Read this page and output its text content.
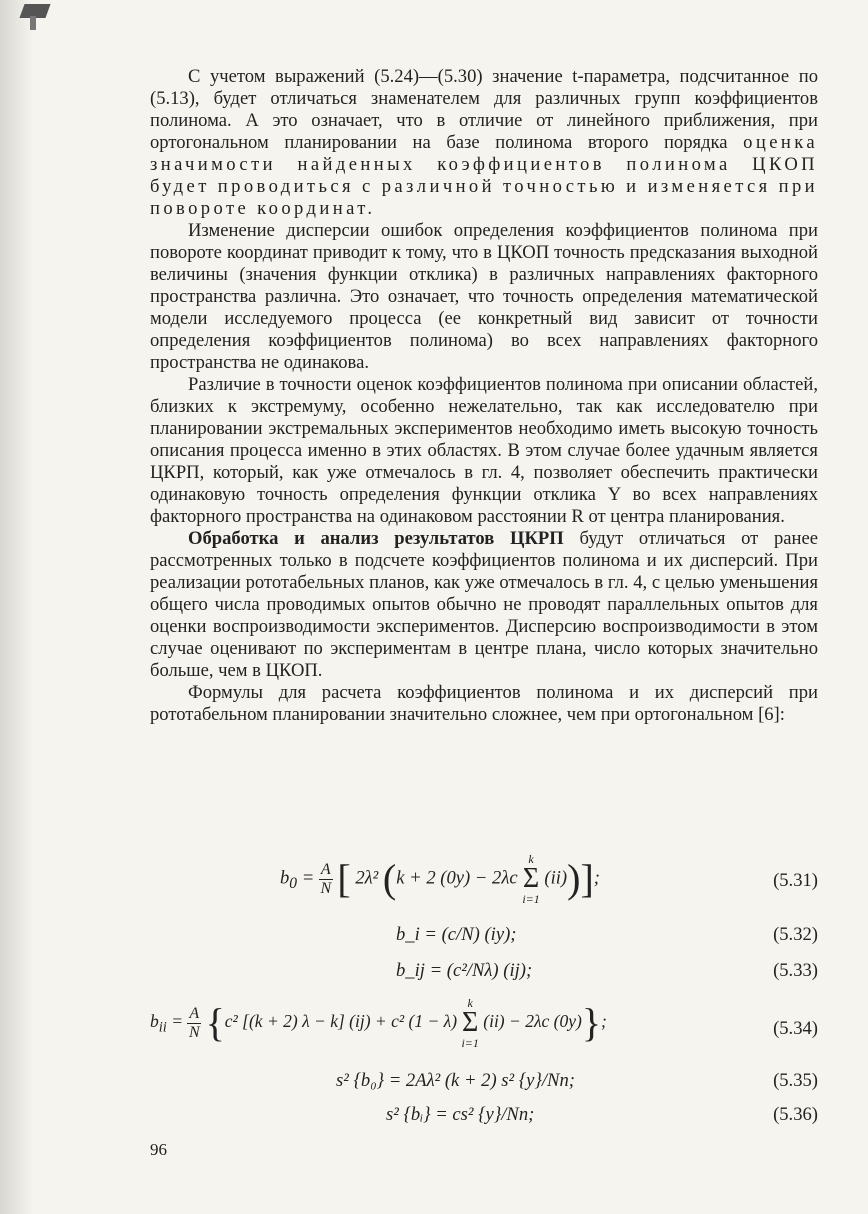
С учетом выражений (5.24)—(5.30) значение t-параметра, подсчитанное по (5.13), будет отличаться знаменателем для различных групп коэффициентов полинома. А это означает, что в отличие от линейного приближения, при ортогональном планировании на базе полинома второго порядка оценка значимости найденных коэффициентов полинома ЦКОП будет проводиться с различной точностью и изменяется при повороте координат.

Изменение дисперсии ошибок определения коэффициентов полинома при повороте координат приводит к тому, что в ЦКОП точность предсказания выходной величины (значения функции отклика) в различных направлениях факторного пространства различна. Это означает, что точность определения математической модели исследуемого процесса (ее конкретный вид зависит от точности определения коэффициентов полинома) во всех направлениях факторного пространства не одинакова.

Различие в точности оценок коэффициентов полинома при описании областей, близких к экстремуму, особенно нежелательно, так как исследователю при планировании экстремальных экспериментов необходимо иметь высокую точность описания процесса именно в этих областях. В этом случае более удачным является ЦКРП, который, как уже отмечалось в гл. 4, позволяет обеспечить практически одинаковую точность определения функции отклика Y во всех направлениях факторного пространства на одинаковом расстоянии R от центра планирования.

Обработка и анализ результатов ЦКРП будут отличаться от ранее рассмотренных только в подсчете коэффициентов полинома и их дисперсий. При реализации рототабельных планов, как уже отмечалось в гл. 4, с целью уменьшения общего числа проводимых опытов обычно не проводят параллельных опытов для оценки воспроизводимости экспериментов. Дисперсию воспроизводимости в этом случае оценивают по экспериментам в центре плана, число которых значительно больше, чем в ЦКОП.

Формулы для расчета коэффициентов полинома и их дисперсий при рототабельном планировании значительно сложнее, чем при ортогональном [6]:

$b_0 = \frac{A}{N}$ [ 2λ² (k + 2 (0y) − 2λc
k
Σ
i=1
(ii))];	(5.31)
b_i = (c/N) (iy);	(5.32)
b_ij = (c²/Nλ) (ij);	(5.33)
$b_{ii} = \frac{A}{N} \{c^2$ [(k + 2) λ − k] (ij) + c² (1 − λ)
k
Σ
i=1
(ii) − 2λc (0y)};	(5.34)
s² {b₀} = 2Aλ² (k + 2) s² {y}/Nn;	(5.35)
s² {bᵢ} = cs² {y}/Nn;	(5.36)
96
